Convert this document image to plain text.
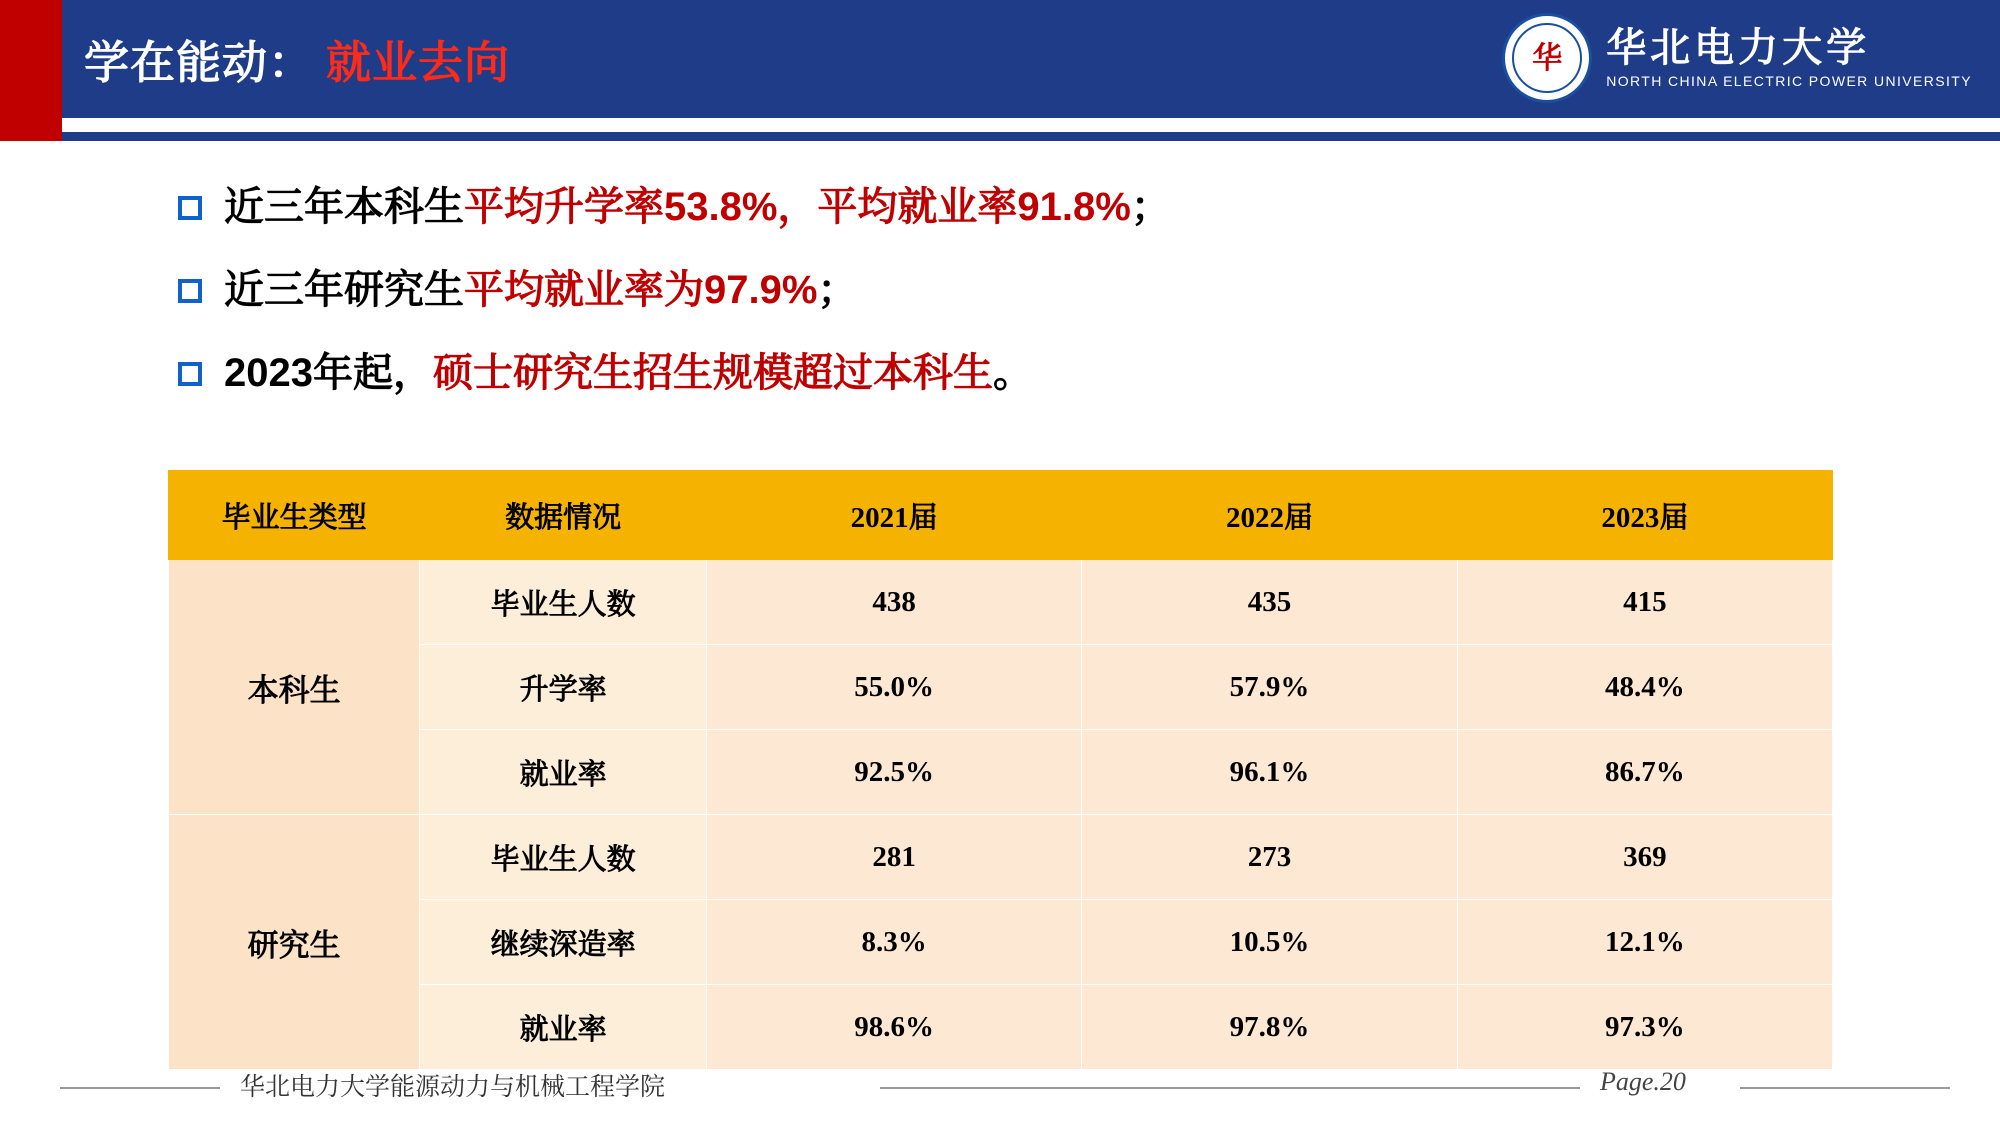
学在能动： 就业去向	华 华北电力大学
NORTH CHINA ELECTRIC POWER UNIVERSITY
近三年本科生平均升学率53.8%，平均就业率91.8%；
近三年研究生平均就业率为97.9%；
2023年起，硕士研究生招生规模超过本科生。
毕业生类型	数据情况	2021届	2022届	2023届
本科生	毕业生人数	438	435	415
	升学率	55.0%	57.9%	48.4%
	就业率	92.5%	96.1%	86.7%
研究生	毕业生人数	281	273	369
	继续深造率	8.3%	10.5%	12.1%
	就业率	98.6%	97.8%	97.3%
华北电力大学能源动力与机械工程学院	Page.20
